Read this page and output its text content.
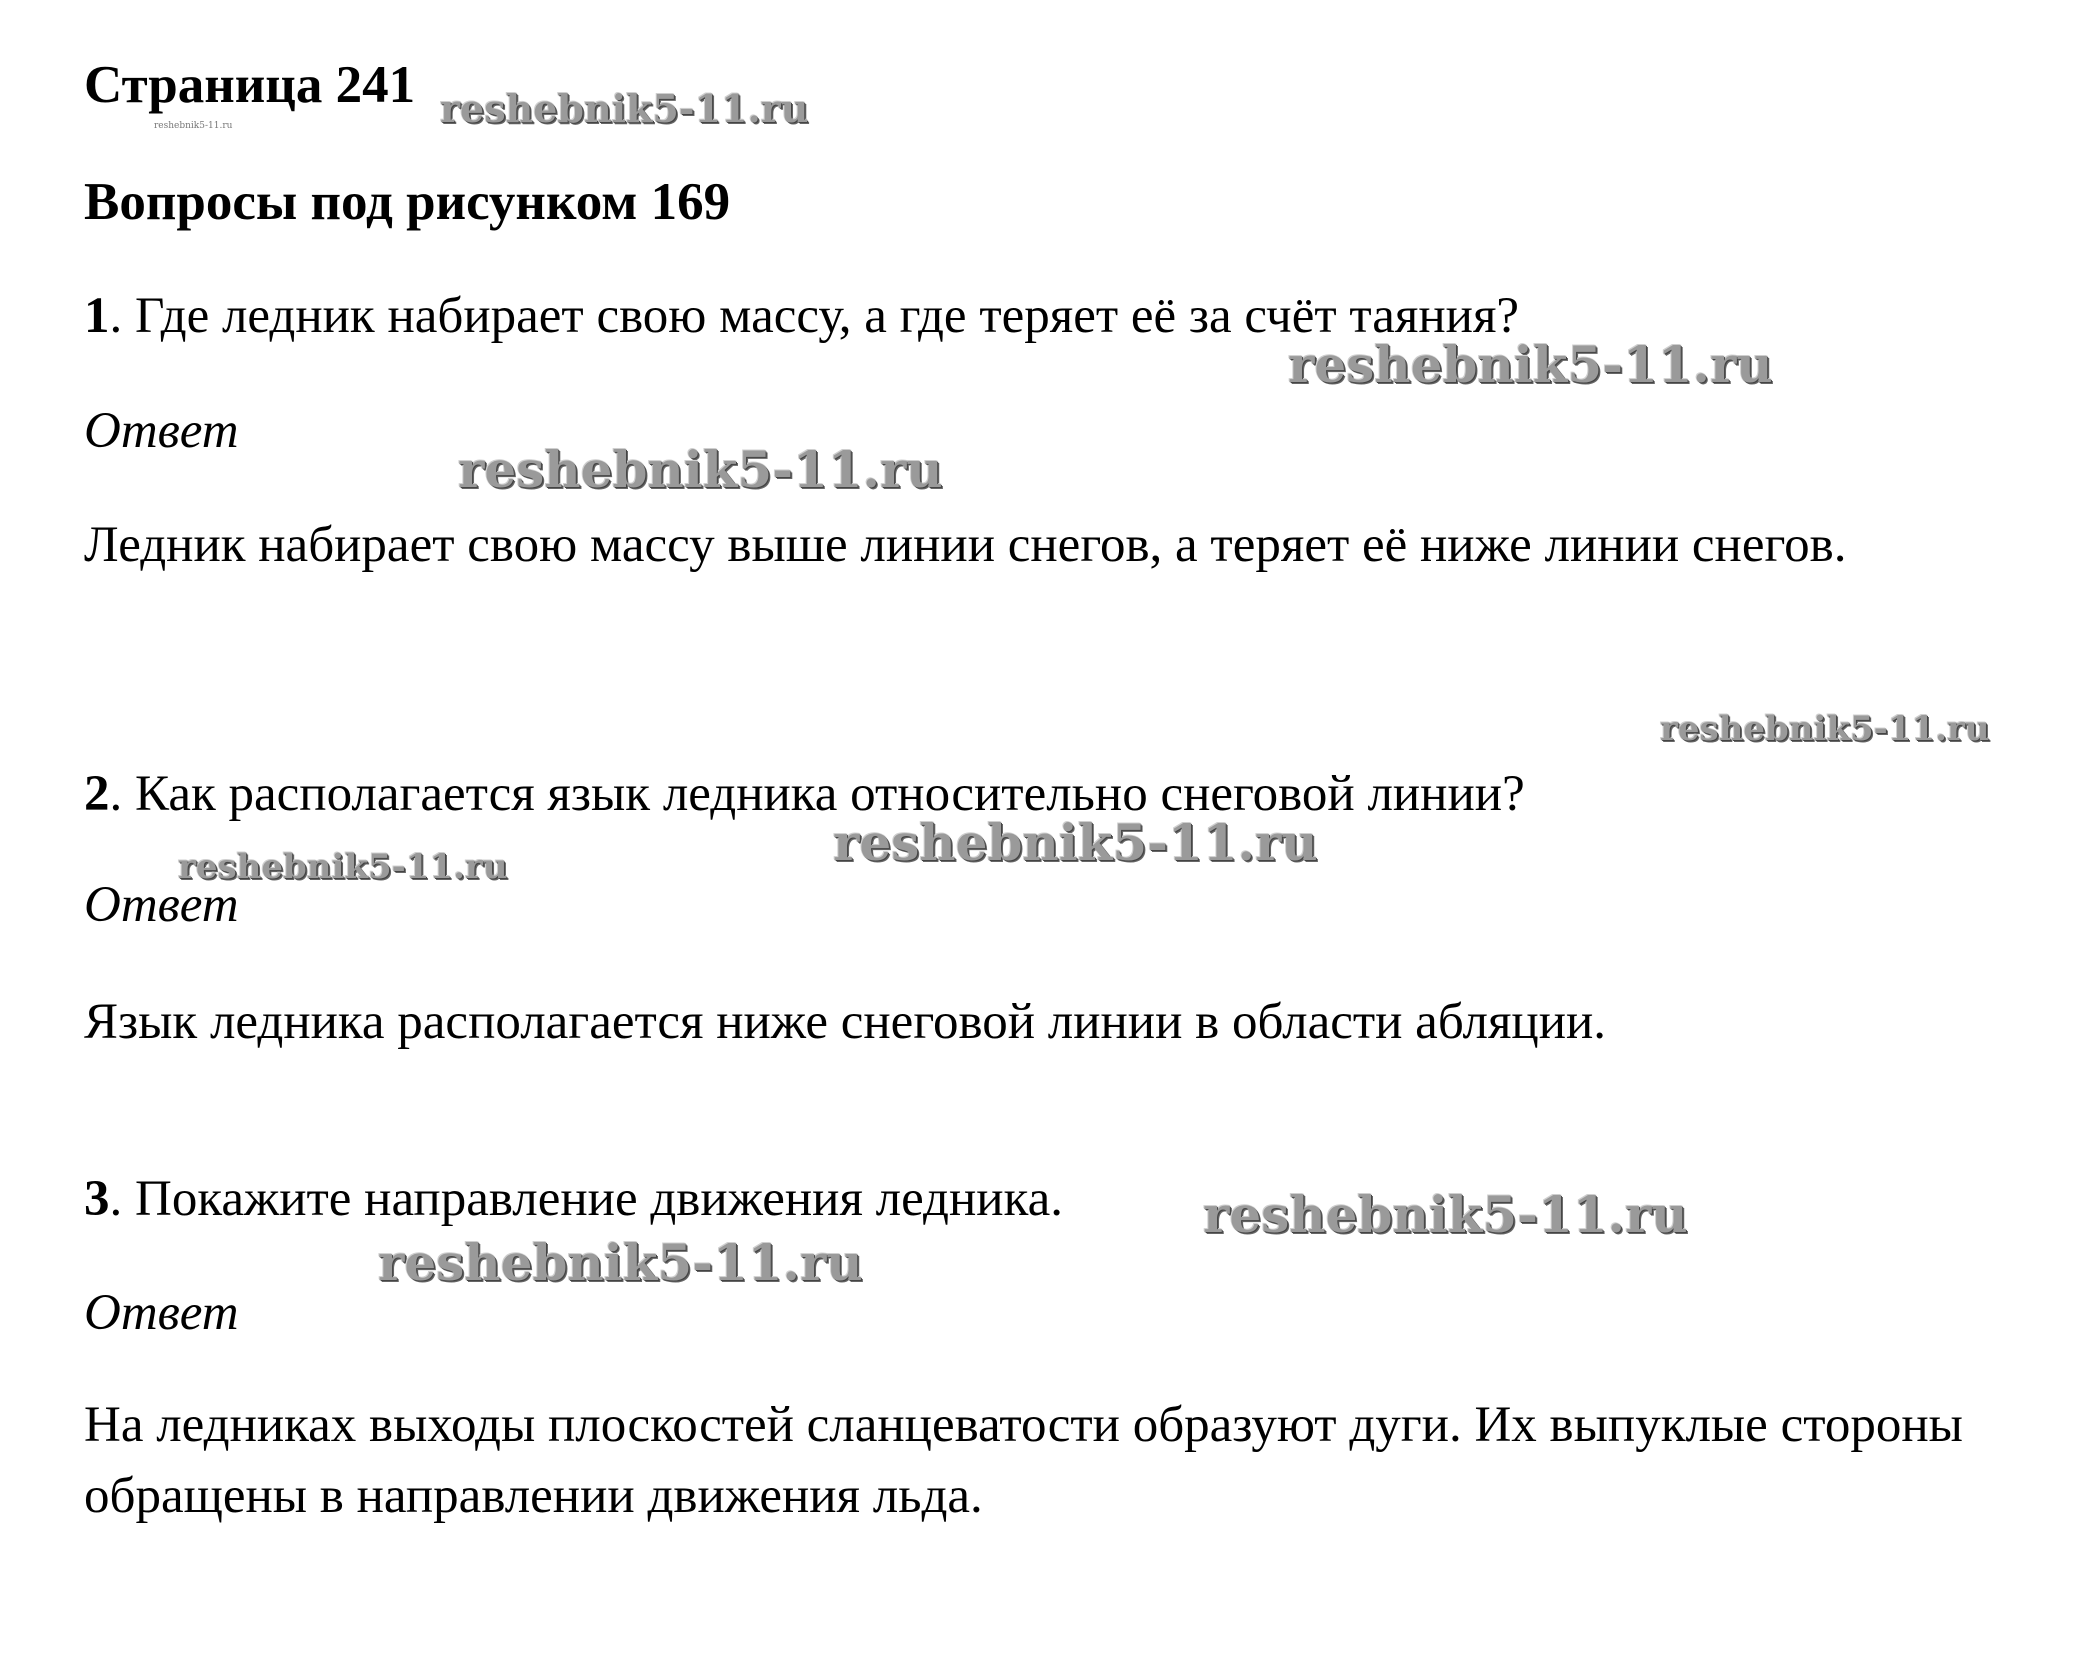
Страница 241
Вопросы под рисунком 169
1. Где ледник набирает свою массу, а где теряет её за счёт таяния?
Ответ
Ледник набирает свою массу выше линии снегов, а теряет её ниже линии снегов.
2. Как располагается язык ледника относительно снеговой линии?
Ответ
Язык ледника располагается ниже снеговой линии в области абляции.
3. Покажите направление движения ледника.
Ответ
На ледниках выходы плоскостей сланцеватости образуют дуги. Их выпуклые стороны обращены в направлении движения льда.
reshebnik5-11.ru
reshebnik5-11.ru
reshebnik5-11.ru
reshebnik5-11.ru
reshebnik5-11.ru
reshebnik5-11.ru
reshebnik5-11.ru
reshebnik5-11.ru
reshebnik5-11.ru
